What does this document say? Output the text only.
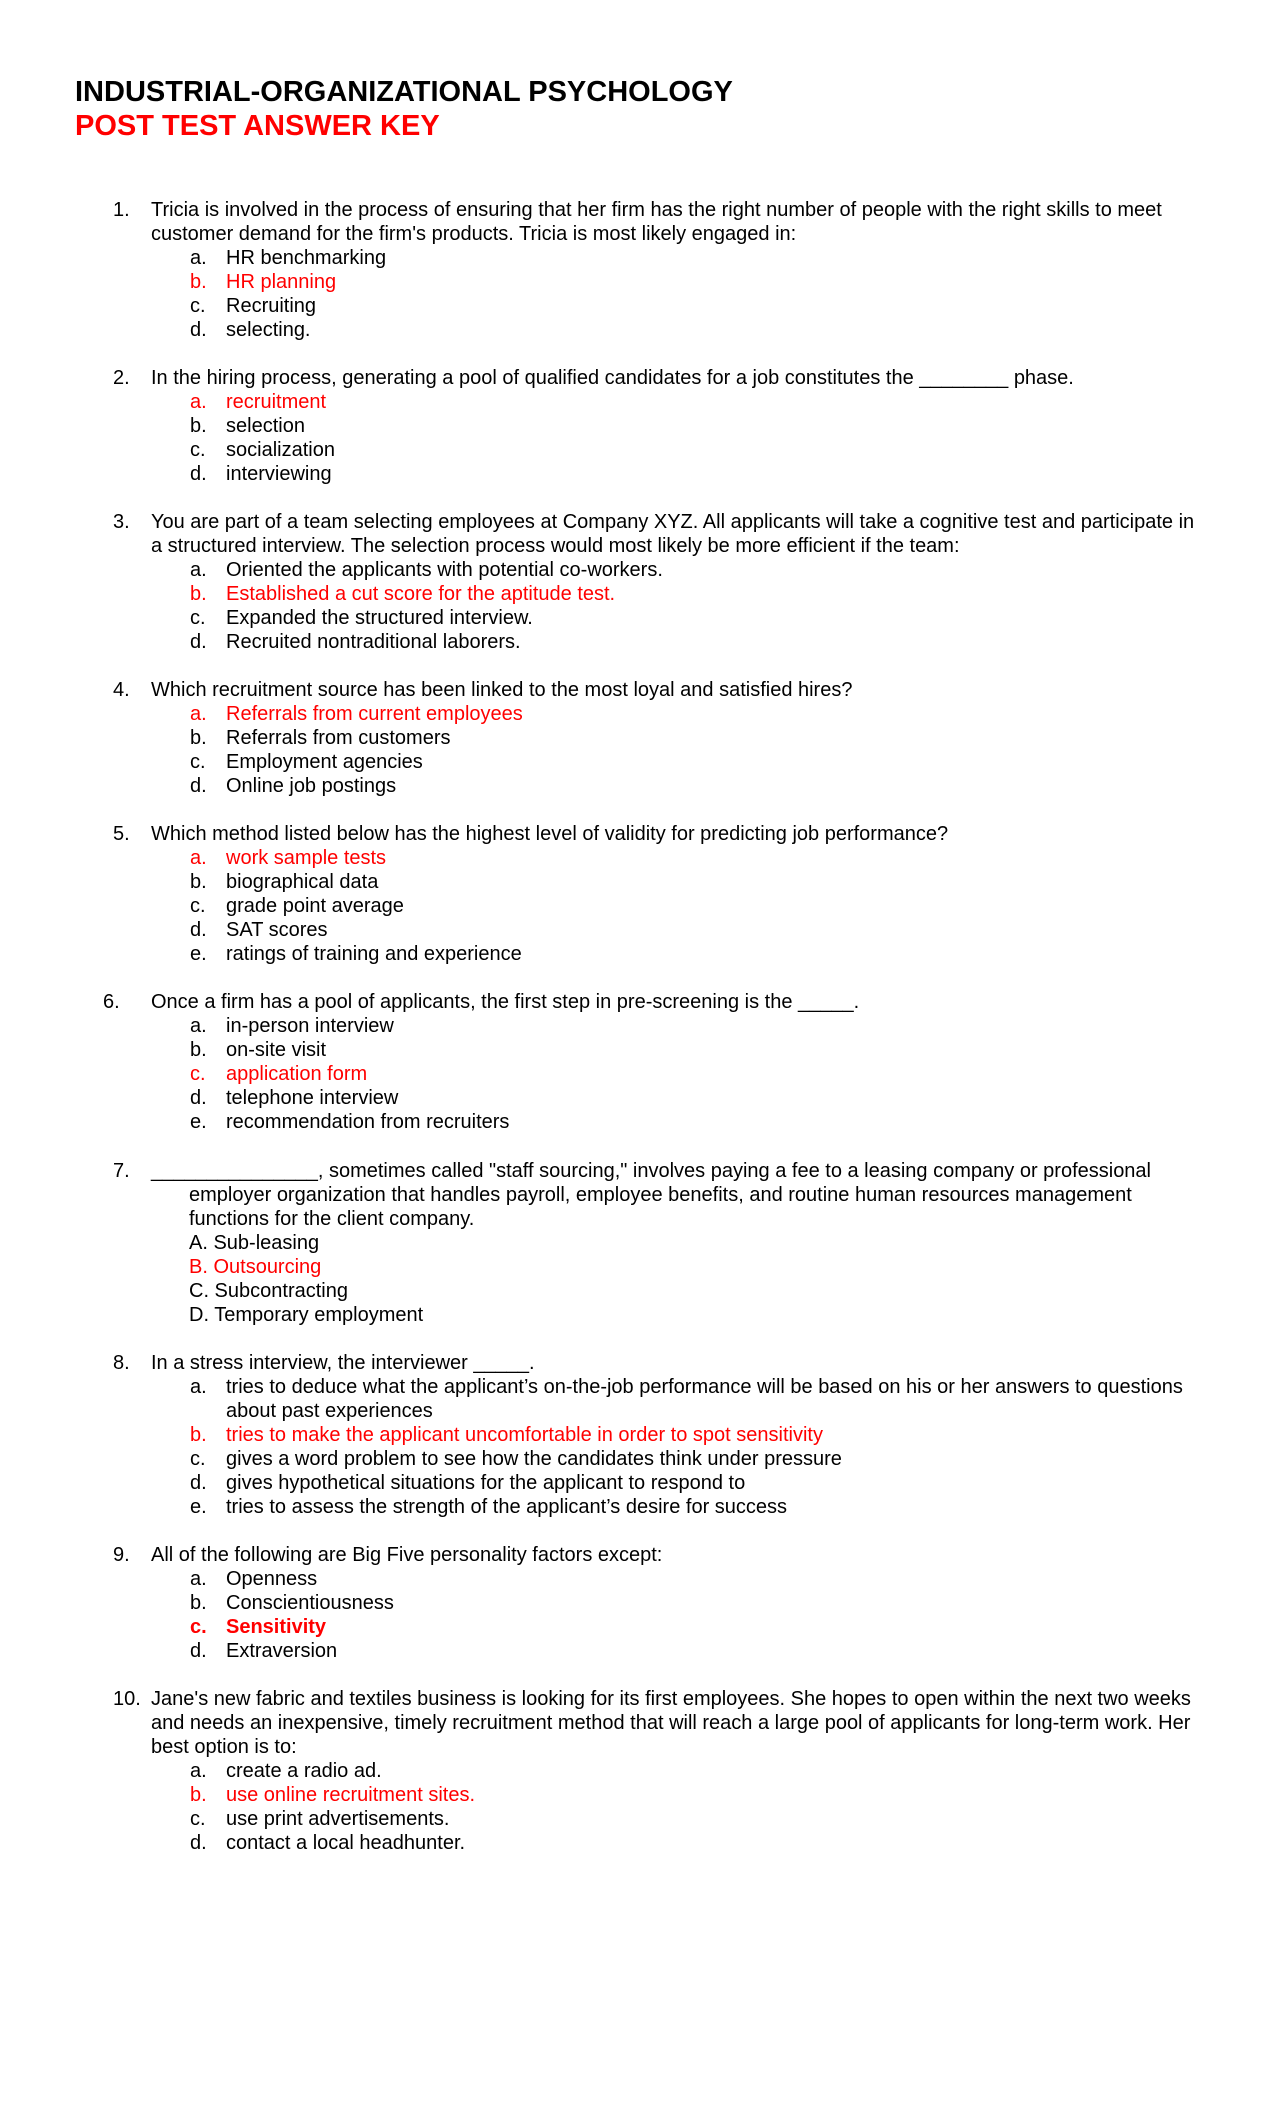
INDUSTRIAL-ORGANIZATIONAL PSYCHOLOGY
POST TEST ANSWER KEY
1. Tricia is involved in the process of ensuring that her firm has the right number of people with the right skills to meet customer demand for the firm's products. Tricia is most likely engaged in:
a. HR benchmarking
b. HR planning
c. Recruiting
d. selecting.
2. In the hiring process, generating a pool of qualified candidates for a job constitutes the ________ phase.
a. recruitment
b. selection
c. socialization
d. interviewing
3. You are part of a team selecting employees at Company XYZ. All applicants will take a cognitive test and participate in a structured interview. The selection process would most likely be more efficient if the team:
a. Oriented the applicants with potential co-workers.
b. Established a cut score for the aptitude test.
c. Expanded the structured interview.
d. Recruited nontraditional laborers.
4. Which recruitment source has been linked to the most loyal and satisfied hires?
a. Referrals from current employees
b. Referrals from customers
c. Employment agencies
d. Online job postings
5. Which method listed below has the highest level of validity for predicting job performance?
a. work sample tests
b. biographical data
c. grade point average
d. SAT scores
e. ratings of training and experience
6. Once a firm has a pool of applicants, the first step in pre-screening is the _____.
a. in-person interview
b. on-site visit
c. application form
d. telephone interview
e. recommendation from recruiters
7. _______________, sometimes called "staff sourcing," involves paying a fee to a leasing company or professional
employer organization that handles payroll, employee benefits, and routine human resources management functions for the client company.
A. Sub-leasing
B. Outsourcing
C. Subcontracting
D. Temporary employment
8. In a stress interview, the interviewer _____.
a. tries to deduce what the applicant’s on-the-job performance will be based on his or her answers to questions about past experiences
b. tries to make the applicant uncomfortable in order to spot sensitivity
c. gives a word problem to see how the candidates think under pressure
d. gives hypothetical situations for the applicant to respond to
e. tries to assess the strength of the applicant’s desire for success
9. All of the following are Big Five personality factors except:
a. Openness
b. Conscientiousness
c. Sensitivity
d. Extraversion
10. Jane's new fabric and textiles business is looking for its first employees. She hopes to open within the next two weeks and needs an inexpensive, timely recruitment method that will reach a large pool of applicants for long-term work. Her best option is to:
a. create a radio ad.
b. use online recruitment sites.
c. use print advertisements.
d. contact a local headhunter.
